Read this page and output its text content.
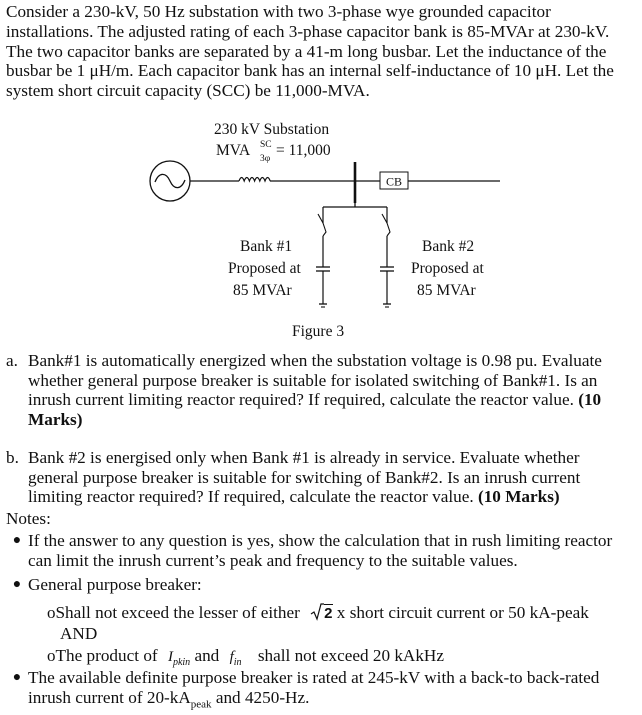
Consider a 230-kV, 50 Hz substation with two 3-phase wye grounded capacitor installations. The adjusted rating of each 3-phase capacitor bank is 85-MVAr at 230-kV. The two capacitor banks are separated by a 41-m long busbar. Let the inductance of the busbar be 1 μH/m. Each capacitor bank has an internal self-inductance of 10 μH. Let the system short circuit capacity (SCC) be 11,000-MVA.

230 kV Substation
MVA SC
3φ = 11,000
CB
Bank #1
Proposed at
85 MVAr
Bank #2
Proposed at
85 MVAr
Figure 3
a. Bank#1 is automatically energized when the substation voltage is 0.98 pu. Evaluate whether general purpose breaker is suitable for isolated switching of Bank#1. Is an inrush current limiting reactor required? If required, calculate the reactor value. (10 Marks)
b. Bank #2 is energised only when Bank #1 is already in service. Evaluate whether general purpose breaker is suitable for switching of Bank#2. Is an inrush current limiting reactor required? If required, calculate the reactor value. (10 Marks)
Notes:
● If the answer to any question is yes, show the calculation that in rush limiting reactor can limit the inrush current’s peak and frequency to the suitable values.
● General purpose breaker:
oShall not exceed the lesser of either 2 x short circuit current or 50 kA-peak
AND
oThe product of $I_{pkin}$ and $f_{in}$ shall not exceed 20 kAkHz
● The available definite purpose breaker is rated at 245-kV with a back-to back-rated inrush current of $20-kA_{peak}$ and 4250-Hz.
